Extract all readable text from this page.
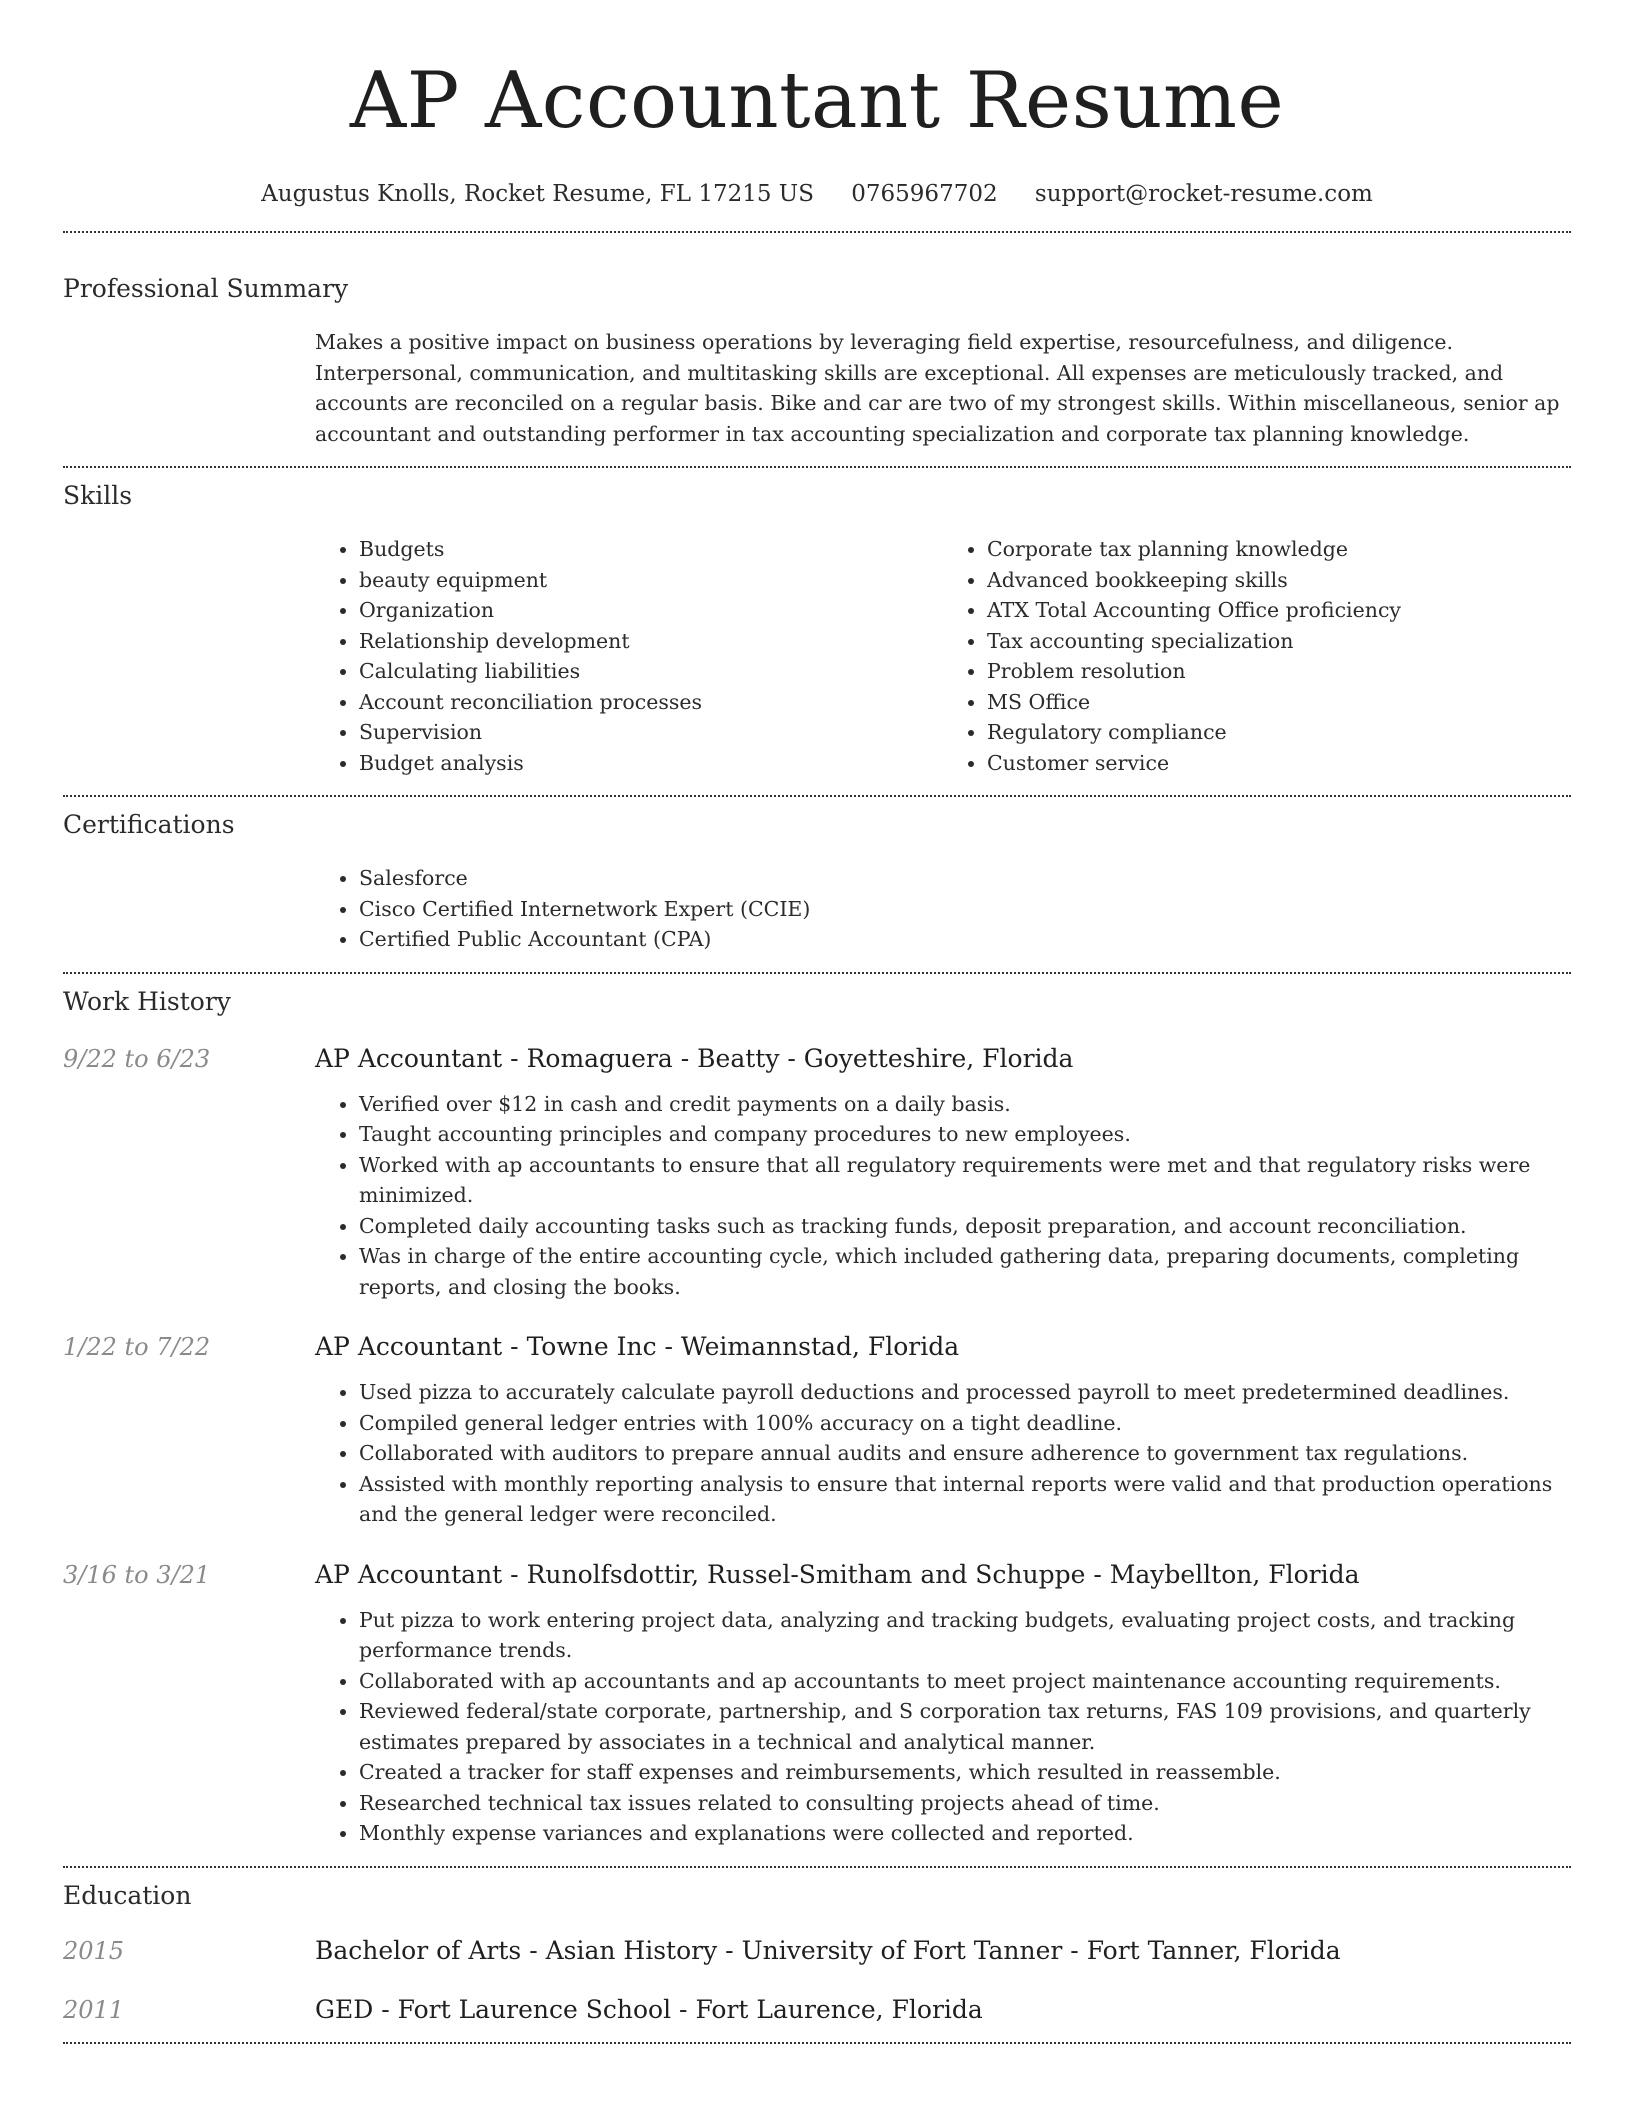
AP Accountant Resume
Augustus Knolls, Rocket Resume, FL 17215 US 0765967702 support@rocket-resume.com
Professional Summary
Makes a positive impact on business operations by leveraging field expertise, resourcefulness, and diligence. Interpersonal, communication, and multitasking skills are exceptional. All expenses are meticulously tracked, and accounts are reconciled on a regular basis. Bike and car are two of my strongest skills. Within miscellaneous, senior ap accountant and outstanding performer in tax accounting specialization and corporate tax planning knowledge.
Skills
• Budgets
• beauty equipment
• Organization
• Relationship development
• Calculating liabilities
• Account reconciliation processes
• Supervision
• Budget analysis
• Corporate tax planning knowledge
• Advanced bookkeeping skills
• ATX Total Accounting Office proficiency
• Tax accounting specialization
• Problem resolution
• MS Office
• Regulatory compliance
• Customer service
Certifications
• Salesforce
• Cisco Certified Internetwork Expert (CCIE)
• Certified Public Accountant (CPA)
Work History
9/22 to 6/23	AP Accountant - Romaguera - Beatty - Goyetteshire, Florida
• Verified over $12 in cash and credit payments on a daily basis.
• Taught accounting principles and company procedures to new employees.
• Worked with ap accountants to ensure that all regulatory requirements were met and that regulatory risks were minimized.
• Completed daily accounting tasks such as tracking funds, deposit preparation, and account reconciliation.
• Was in charge of the entire accounting cycle, which included gathering data, preparing documents, completing reports, and closing the books.
1/22 to 7/22	AP Accountant - Towne Inc - Weimannstad, Florida
• Used pizza to accurately calculate payroll deductions and processed payroll to meet predetermined deadlines.
• Compiled general ledger entries with 100% accuracy on a tight deadline.
• Collaborated with auditors to prepare annual audits and ensure adherence to government tax regulations.
• Assisted with monthly reporting analysis to ensure that internal reports were valid and that production operations and the general ledger were reconciled.
3/16 to 3/21	AP Accountant - Runolfsdottir, Russel-Smitham and Schuppe - Maybellton, Florida
• Put pizza to work entering project data, analyzing and tracking budgets, evaluating project costs, and tracking performance trends.
• Collaborated with ap accountants and ap accountants to meet project maintenance accounting requirements.
• Reviewed federal/state corporate, partnership, and S corporation tax returns, FAS 109 provisions, and quarterly estimates prepared by associates in a technical and analytical manner.
• Created a tracker for staff expenses and reimbursements, which resulted in reassemble.
• Researched technical tax issues related to consulting projects ahead of time.
• Monthly expense variances and explanations were collected and reported.
Education
2015	Bachelor of Arts - Asian History - University of Fort Tanner - Fort Tanner, Florida
2011	GED - Fort Laurence School - Fort Laurence, Florida
